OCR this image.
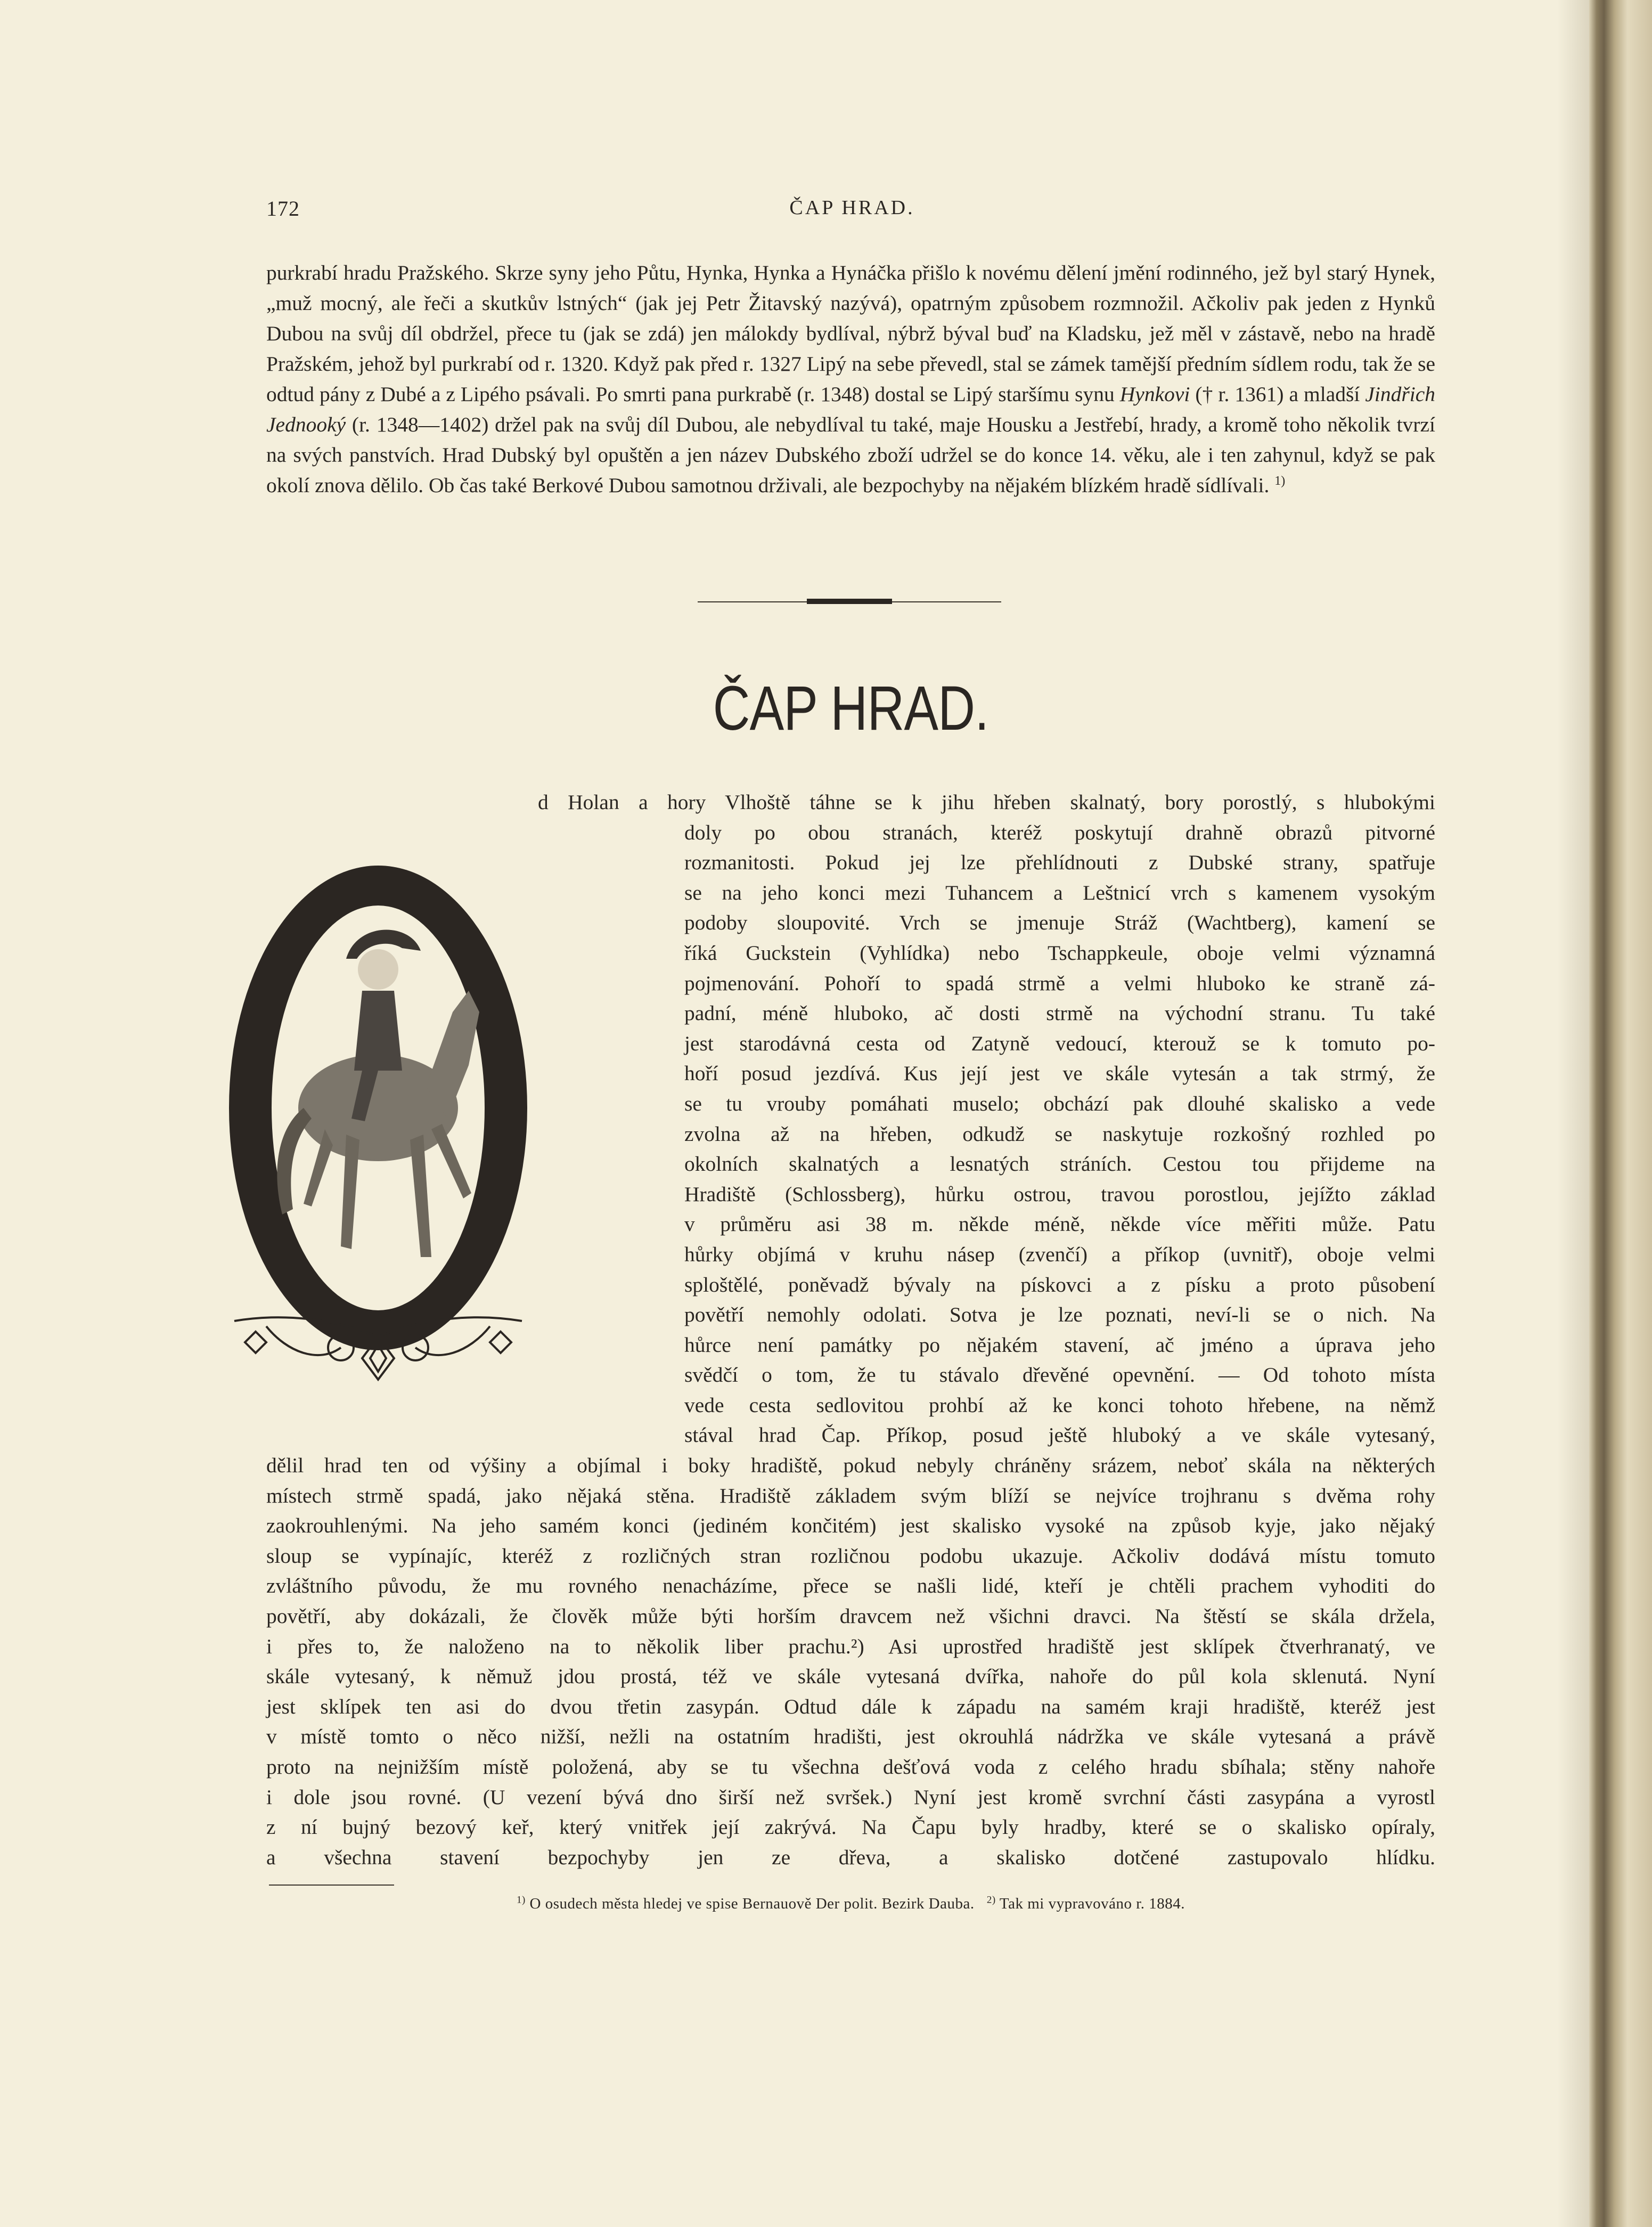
172	ČAP HRAD.

purkrabí hradu Pražského. Skrze syny jeho Půtu, Hynka, Hynka a Hynáčka přišlo k novému dělení jmění rodinného, jež byl starý Hynek, „muž mocný, ale řeči a skutkův lstných“ (jak jej Petr Žitavský nazývá), opatrným způsobem rozmnožil. Ačkoliv pak jeden z Hynků Dubou na svůj díl obdržel, přece tu (jak se zdá) jen málokdy bydlíval, nýbrž býval buď na Kladsku, jež měl v zástavě, nebo na hradě Pražském, jehož byl purkrabí od r. 1320. Když pak před r. 1327 Lipý na sebe převedl, stal se zámek tamější předním sídlem rodu, tak že se odtud pány z Dubé a z Lipého psávali. Po smrti pana purkrabě (r. 1348) dostal se Lipý staršímu synu Hynkovi († r. 1361) a mladší Jindřich Jednooký (r. 1348—1402) držel pak na svůj díl Dubou, ale nebydlíval tu také, maje Housku a Jestřebí, hrady, a kromě toho několik tvrzí na svých panstvích. Hrad Dubský byl opuštěn a jen název Dubského zboží udržel se do konce 14. věku, ale i ten zahynul, když se pak okolí znova dělilo. Ob čas také Berkové Dubou samotnou drživali, ale bezpochyby na nějakém blízkém hradě sídlívali. $^{1)}$

ČAP HRAD.
d Holan a hory Vlhoště táhne se k jihu hřeben skalnatý, bory porostlý, s hlubokými
doly po obou stranách, kteréž poskytují drahně obrazů pitvorné
rozmanitosti. Pokud jej lze přehlídnouti z Dubské strany, spatřuje
se na jeho konci mezi Tuhancem a Leštnicí vrch s kamenem vysokým
podoby sloupovité. Vrch se jmenuje Stráž (Wachtberg), kamení se
říká Guckstein (Vyhlídka) nebo Tschappkeule, oboje velmi významná
pojmenování. Pohoří to spadá strmě a velmi hluboko ke straně zá-
padní, méně hluboko, ač dosti strmě na východní stranu. Tu také
jest starodávná cesta od Zatyně vedoucí, kterouž se k tomuto po-
hoří posud jezdívá. Kus její jest ve skále vytesán a tak strmý, že
se tu vrouby pomáhati muselo; obchází pak dlouhé skalisko a vede
zvolna až na hřeben, odkudž se naskytuje rozkošný rozhled po
okolních skalnatých a lesnatých stráních. Cestou tou přijdeme na
Hradiště (Schlossberg), hůrku ostrou, travou porostlou, jejížto základ
v průměru asi 38 m. někde méně, někde více měřiti může. Patu
hůrky objímá v kruhu násep (zvenčí) a příkop (uvnitř), oboje velmi
sploštělé, poněvadž bývaly na pískovci a z písku a proto působení
povětří nemohly odolati. Sotva je lze poznati, neví-li se o nich. Na
hůrce není památky po nějakém stavení, ač jméno a úprava jeho
svědčí o tom, že tu stávalo dřevěné opevnění. — Od tohoto místa
vede cesta sedlovitou prohbí až ke konci tohoto hřebene, na němž
stával hrad Čap. Příkop, posud ještě hluboký a ve skále vytesaný,
dělil hrad ten od výšiny a objímal i boky hradiště, pokud nebyly chráněny srázem, neboť skála na některých
místech strmě spadá, jako nějaká stěna. Hradiště základem svým blíží se nejvíce trojhranu s dvěma rohy
zaokrouhlenými. Na jeho samém konci (jediném končitém) jest skalisko vysoké na způsob kyje, jako nějaký
sloup se vypínajíc, kteréž z rozličných stran rozličnou podobu ukazuje. Ačkoliv dodává místu tomuto
zvláštního původu, že mu rovného nenacházíme, přece se našli lidé, kteří je chtěli prachem vyhoditi do
povětří, aby dokázali, že člověk může býti horším dravcem než všichni dravci. Na štěstí se skála držela,
i přes to, že naloženo na to několik liber prachu.²) Asi uprostřed hradiště jest sklípek čtverhranatý, ve
skále vytesaný, k němuž jdou prostá, též ve skále vytesaná dvířka, nahoře do půl kola sklenutá. Nyní
jest sklípek ten asi do dvou třetin zasypán. Odtud dále k západu na samém kraji hradiště, kteréž jest
v místě tomto o něco nižší, nežli na ostatním hradišti, jest okrouhlá nádržka ve skále vytesaná a právě
proto na nejnižším místě položená, aby se tu všechna dešťová voda z celého hradu sbíhala; stěny nahoře
i dole jsou rovné. (U vezení bývá dno širší než svršek.) Nyní jest kromě svrchní části zasypána a vyrostl
z ní bujný bezový keř, který vnitřek její zakrývá. Na Čapu byly hradby, které se o skalisko opíraly,
a všechna stavení bezpochyby jen ze dřeva, a skalisko dotčené zastupovalo hlídku.

$^{1)}$ O osudech města hledej ve spise Bernauově Der polit. Bezirk Dauba. $^{2)}$ Tak mi vypravováno r. 1884.
